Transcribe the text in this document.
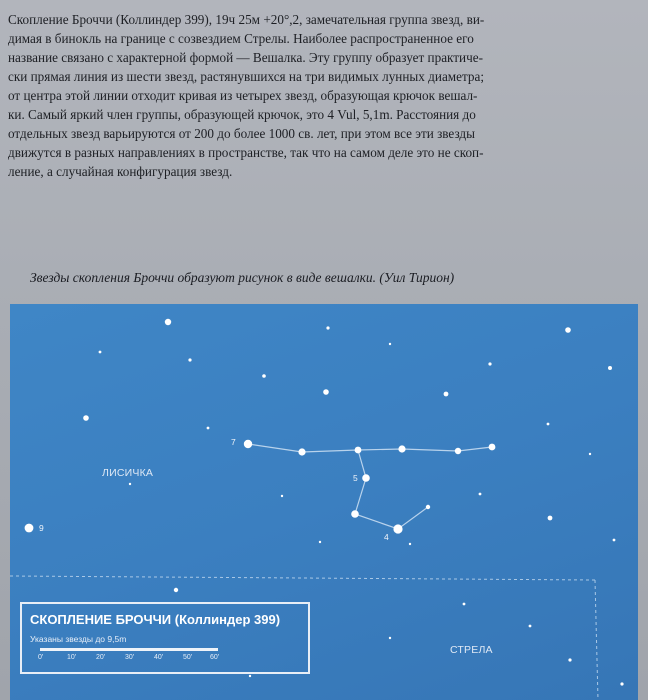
Скопление Броччи (Коллиндер 399), 19ч 25м +20°,2, замечательная группа звезд, ви-
димая в бинокль на границе с созвездием Стрелы. Наиболее распространенное его
название связано с характерной формой — Вешалка. Эту группу образует практиче-
ски прямая линия из шести звезд, растянувшихся на три видимых лунных диаметра;
от центра этой линии отходит кривая из четырех звезд, образующая крючок вешал-
ки. Самый яркий член группы, образующей крючок, это 4 Vul, 5,1m. Расстояния до
отдельных звезд варьируются от 200 до более 1000 св. лет, при этом все эти звезды
движутся в разных направлениях в пространстве, так что на самом деле это не скоп-
ление, а случайная конфигурация звезд.

Звезды скопления Броччи образуют рисунок в виде вешалки. (Уил Тирион)

ЛИСИЧКА
СТРЕЛА
7
5
4
9
СКОПЛЕНИЕ БРОЧЧИ (Коллиндер 399)
Указаны звезды до 9,5m
0'	10'	20'	30'	40'	50'	60'
